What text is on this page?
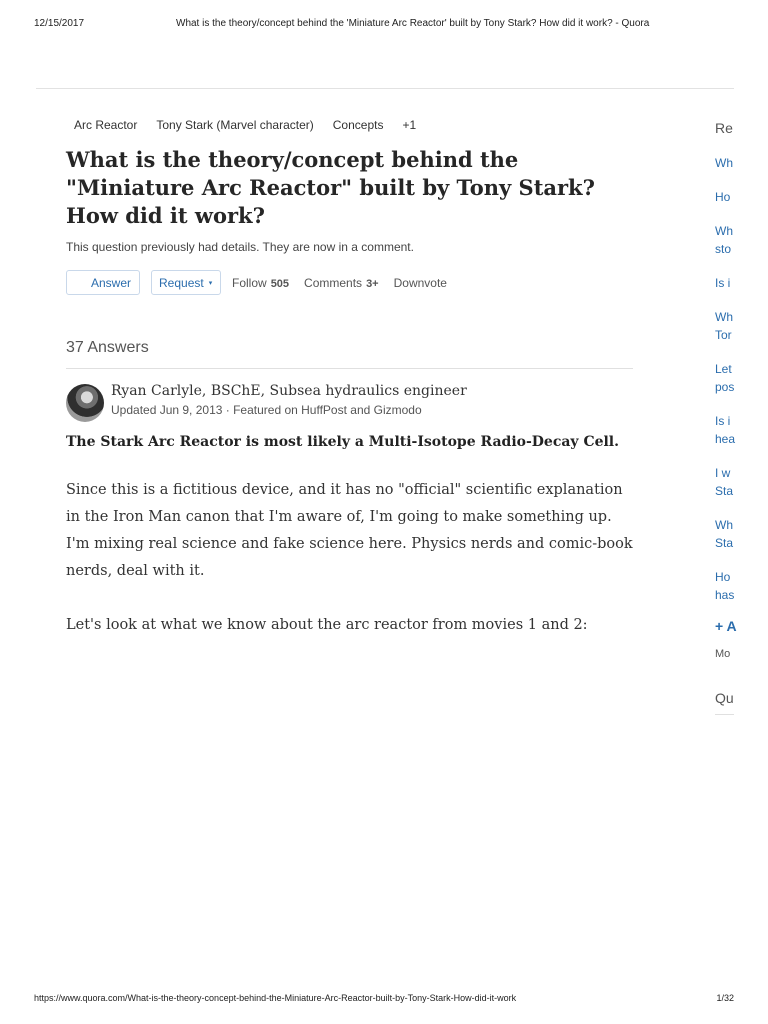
12/15/2017	What is the theory/concept behind the 'Miniature Arc Reactor' built by Tony Stark? How did it work? - Quora
Arc Reactor Tony Stark (Marvel character) Concepts +1
What is the theory/concept behind the "Miniature Arc Reactor" built by Tony Stark? How did it work?
This question previously had details. They are now in a comment.
Answer Request ▾ Follow 505 Comments 3+ Downvote
37 Answers
Ryan Carlyle, BSChE, Subsea hydraulics engineer
Updated Jun 9, 2013 · Featured on HuffPost and Gizmodo
The Stark Arc Reactor is most likely a Multi-Isotope Radio-Decay Cell.
Since this is a fictitious device, and it has no "official" scientific explanation in the Iron Man canon that I'm aware of, I'm going to make something up. I'm mixing real science and fake science here. Physics nerds and comic-book nerds, deal with it.
Let's look at what we know about the arc reactor from movies 1 and 2:
Re
Wh
Ho
Wh
sto
Is i
Wh
Tor
Let
pos
Is i
hea
I w
Sta
Wh
Sta
Ho
has
+ A
Mo
Qu
https://www.quora.com/What-is-the-theory-concept-behind-the-Miniature-Arc-Reactor-built-by-Tony-Stark-How-did-it-work	1/32
